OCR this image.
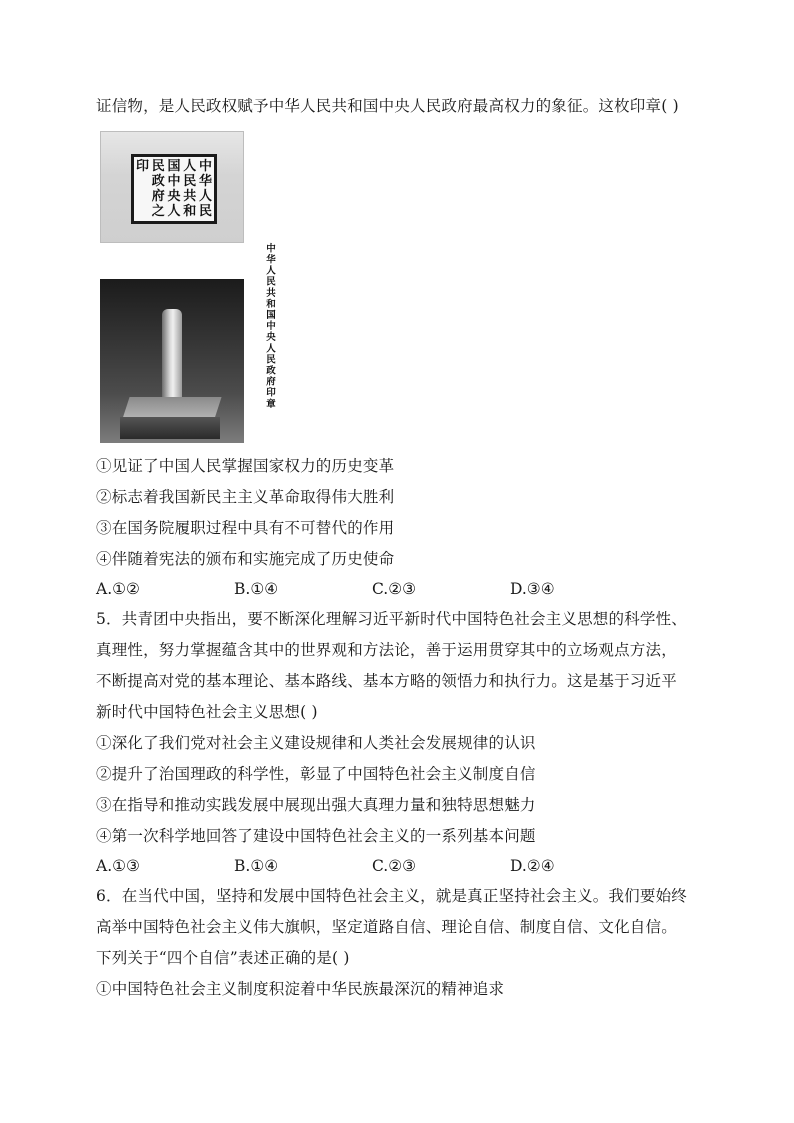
证信物，是人民政权赋予中华人民共和国中央人民政府最高权力的象征。这枚印章( )
中
华
人
民
人
民
共
和
国
中
央
人
民
政
府
之
印
中华人民共和国中央人民政府印章
①见证了中国人民掌握国家权力的历史变革
②标志着我国新民主主义革命取得伟大胜利
③在国务院履职过程中具有不可替代的作用
④伴随着宪法的颁布和实施完成了历史使命
A.①②	B.①④	C.②③	D.③④
5．共青团中央指出，要不断深化理解习近平新时代中国特色社会主义思想的科学性、
真理性，努力掌握蕴含其中的世界观和方法论，善于运用贯穿其中的立场观点方法，
不断提高对党的基本理论、基本路线、基本方略的领悟力和执行力。这是基于习近平
新时代中国特色社会主义思想( )
①深化了我们党对社会主义建设规律和人类社会发展规律的认识
②提升了治国理政的科学性，彰显了中国特色社会主义制度自信
③在指导和推动实践发展中展现出强大真理力量和独特思想魅力
④第一次科学地回答了建设中国特色社会主义的一系列基本问题
A.①③	B.①④	C.②③	D.②④
6．在当代中国，坚持和发展中国特色社会主义，就是真正坚持社会主义。我们要始终
高举中国特色社会主义伟大旗帜，坚定道路自信、理论自信、制度自信、文化自信。
下列关于“四个自信”表述正确的是( )
①中国特色社会主义制度积淀着中华民族最深沉的精神追求
